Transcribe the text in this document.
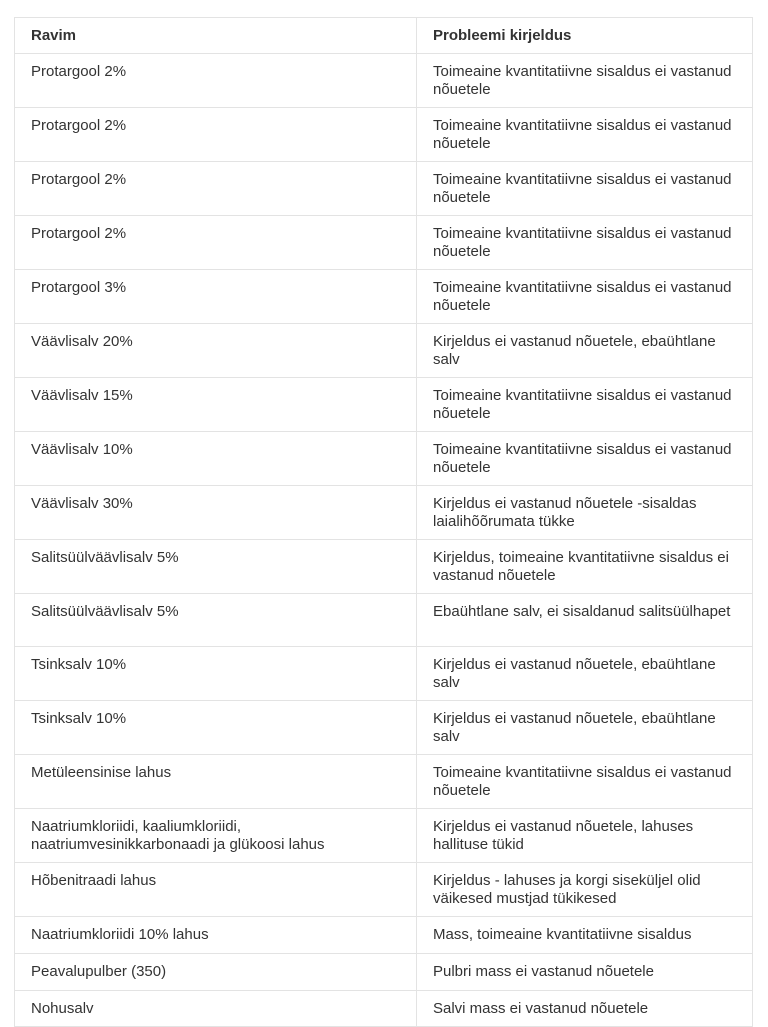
Ravim	Probleemi kirjeldus
Protargool 2%	Toimeaine kvantitatiivne sisaldus ei vastanud nõuetele
Protargool 2%	Toimeaine kvantitatiivne sisaldus ei vastanud nõuetele
Protargool 2%	Toimeaine kvantitatiivne sisaldus ei vastanud nõuetele
Protargool 2%	Toimeaine kvantitatiivne sisaldus ei vastanud nõuetele
Protargool 3%	Toimeaine kvantitatiivne sisaldus ei vastanud nõuetele
Väävlisalv 20%	Kirjeldus ei vastanud nõuetele, ebaühtlane salv
Väävlisalv 15%	Toimeaine kvantitatiivne sisaldus ei vastanud nõuetele
Väävlisalv 10%	Toimeaine kvantitatiivne sisaldus ei vastanud nõuetele
Väävlisalv 30%	Kirjeldus ei vastanud nõuetele -sisaldas laialihõõrumata tükke
Salitsüülväävlisalv 5%	Kirjeldus, toimeaine kvantitatiivne sisaldus ei vastanud nõuetele
Salitsüülväävlisalv 5%	Ebaühtlane salv, ei sisaldanud salitsüülhapet
Tsinksalv 10%	Kirjeldus ei vastanud nõuetele, ebaühtlane salv
Tsinksalv 10%	Kirjeldus ei vastanud nõuetele, ebaühtlane salv
Metüleensinise lahus	Toimeaine kvantitatiivne sisaldus ei vastanud nõuetele
Naatriumkloriidi, kaaliumkloriidi, naatriumvesinikkarbonaadi ja glükoosi lahus	Kirjeldus ei vastanud nõuetele, lahuses hallituse tükid
Hõbenitraadi lahus	Kirjeldus - lahuses ja korgi siseküljel olid väikesed mustjad tükikesed
Naatriumkloriidi 10% lahus	Mass, toimeaine kvantitatiivne sisaldus
Peavalupulber (350)	Pulbri mass ei vastanud nõuetele
Nohusalv	Salvi mass ei vastanud nõuetele
